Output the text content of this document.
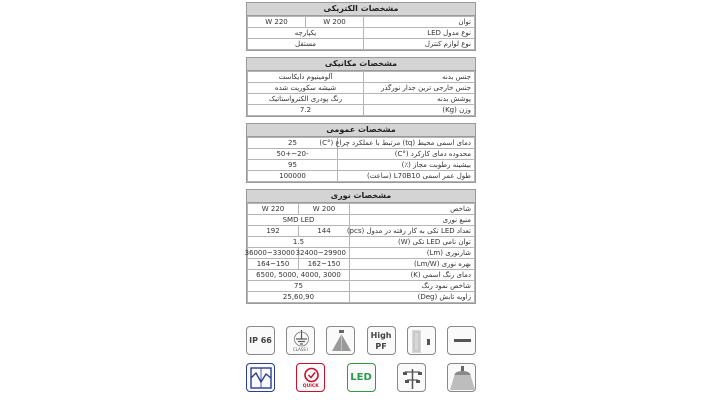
مشخصات الکتریکی
توان	200 W	220 W
نوع مدول LED	یکپارچه	
نوع لوازم کنترل	مستقل	
مشخصات مکانیکی
جنس بدنه	آلومینیوم دایکاست
جنس خارجی ترین جدار نورگذر	شیشه سکوریت شده
پوشش بدنه	رنگ پودری الکترواستاتیک
وزن (Kg)	7.2
مشخصات عمومی
دمای اسمی محیط (tq) مرتبط با عملکرد چراغ (°C)	25
محدوده دمای کارکرد (°C)	-20~+50
بیشینه رطوبت مجاز (٪)	95
طول عمر اسمی L70B10 (ساعت)	100000
مشخصات نوری
شاخص	200 W	220 W
منبع نوری	SMD LED	
تعداد LED تکی به کار رفته در مدول (pcs)	144	192
توان نامی LED تکی (W)	1.5	
شارنوری (Lm)	29900~32400	33000~36000
بهره نوری (Lm/W)	150~162	150~164
دمای رنگ اسمی (K)	3000 ,4000 ,5000 ,6500	
شاخص نمود رنگ	75	
زاویه تابش (Deg)	25,60,90	
IP 66
CLASS I
High
PF
QUICK
LED
